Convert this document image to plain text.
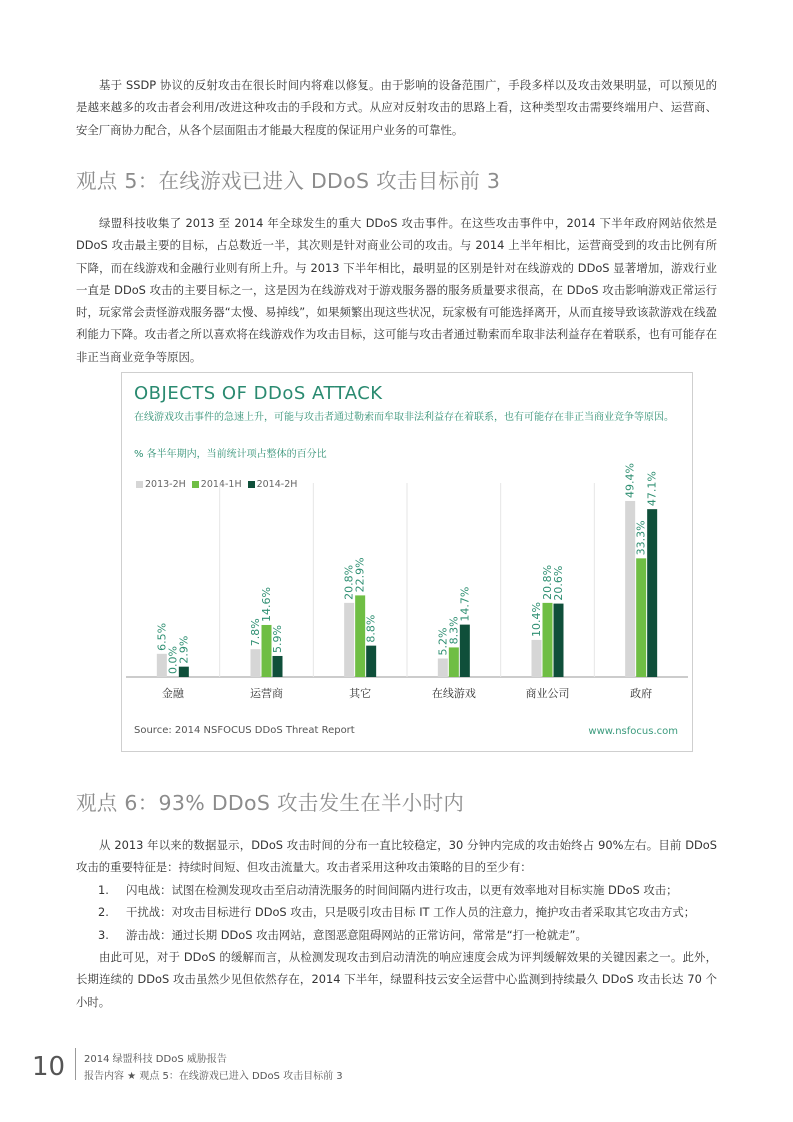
基于 SSDP 协议的反射攻击在很长时间内将难以修复。由于影响的设备范围广，手段多样以及攻击效果明显，可以预见的是越来越多的攻击者会利用/改进这种攻击的手段和方式。从应对反射攻击的思路上看，这种类型攻击需要终端用户、运营商、安全厂商协力配合，从各个层面阻击才能最大程度的保证用户业务的可靠性。

观点 5：在线游戏已进入 DDoS 攻击目标前 3

绿盟科技收集了 2013 至 2014 年全球发生的重大 DDoS 攻击事件。在这些攻击事件中，2014 下半年政府网站依然是 DDoS 攻击最主要的目标，占总数近一半，其次则是针对商业公司的攻击。与 2014 上半年相比，运营商受到的攻击比例有所下降，而在线游戏和金融行业则有所上升。与 2013 下半年相比，最明显的区别是针对在线游戏的 DDoS 显著增加，游戏行业一直是 DDoS 攻击的主要目标之一，这是因为在线游戏对于游戏服务器的服务质量要求很高，在 DDoS 攻击影响游戏正常运行时，玩家常会责怪游戏服务器“太慢、易掉线”，如果频繁出现这些状况，玩家极有可能选择离开，从而直接导致该款游戏在线盈利能力下降。攻击者之所以喜欢将在线游戏作为攻击目标，这可能与攻击者通过勒索而牟取非法利益存在着联系，也有可能存在非正当商业竞争等原因。

OBJECTS OF DDoS ATTACK

在线游戏攻击事件的急速上升，可能与攻击者通过勒索而牟取非法利益存在着联系，也有可能存在非正当商业竞争等原因。

% 各半年期内，当前统计项占整体的百分比
2013-2H 2014-1H 2014-2H
6.5%
0.0%
2.9%
金融
7.8%
14.6%
5.9%
运营商
20.8%
22.9%
8.8%
其它
5.2%
8.3%
14.7%
在线游戏
10.4%
20.8%
20.6%
商业公司
49.4%
33.3%
47.1%
政府
Source: 2014 NSFOCUS DDoS Threat Report	www.nsfocus.com
观点 6：93% DDoS 攻击发生在半小时内

从 2013 年以来的数据显示，DDoS 攻击时间的分布一直比较稳定，30 分钟内完成的攻击始终占 90%左右。目前 DDoS 攻击的重要特征是：持续时间短、但攻击流量大。攻击者采用这种攻击策略的目的至少有：

1.	闪电战：试图在检测发现攻击至启动清洗服务的时间间隔内进行攻击，以更有效率地对目标实施 DDoS 攻击；
2.	干扰战：对攻击目标进行 DDoS 攻击，只是吸引攻击目标 IT 工作人员的注意力，掩护攻击者采取其它攻击方式；
3.	游击战：通过长期 DDoS 攻击网站，意图恶意阻碍网站的正常访问，常常是“打一枪就走”。

由此可见，对于 DDoS 的缓解而言，从检测发现攻击到启动清洗的响应速度会成为评判缓解效果的关键因素之一。此外，长期连续的 DDoS 攻击虽然少见但依然存在，2014 下半年，绿盟科技云安全运营中心监测到持续最久 DDoS 攻击长达 70 个小时。

10 2014 绿盟科技 DDoS 威胁报告
报告内容 ★ 观点 5：在线游戏已进入 DDoS 攻击目标前 3
